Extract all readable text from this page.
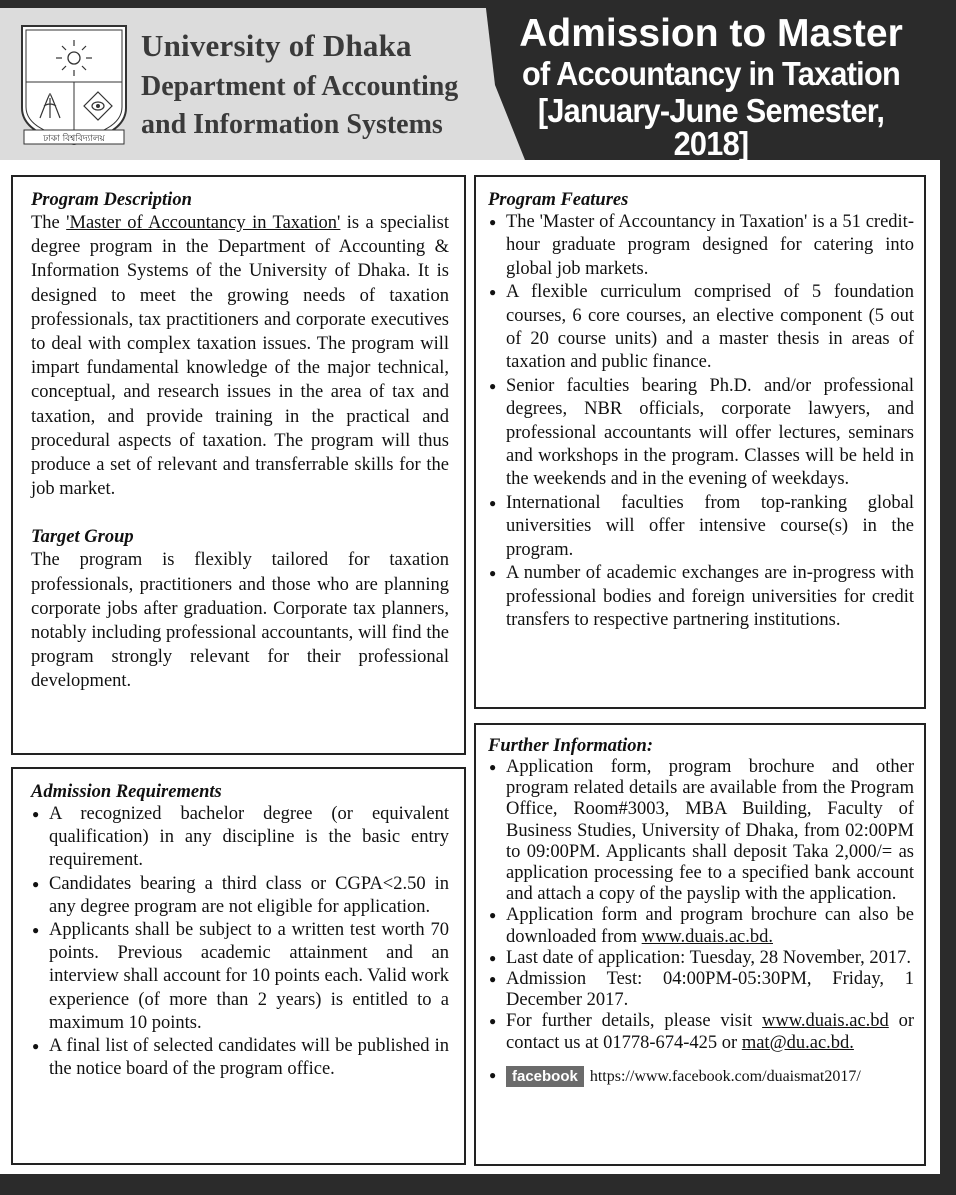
ঢাকা বিশ্ববিদ্যালয়
University of Dhaka
Department of Accounting
and Information Systems
Admission to Master
of Accountancy in Taxation
[January-June Semester, 2018]
Program Description

The 'Master of Accountancy in Taxation' is a specialist degree program in the Department of Accounting & Information Systems of the University of Dhaka. It is designed to meet the growing needs of taxation professionals, tax practitioners and corporate executives to deal with complex taxation issues. The program will impart fundamental knowledge of the major technical, conceptual, and research issues in the area of tax and taxation, and provide training in the practical and procedural aspects of taxation. The program will thus produce a set of relevant and transferrable skills for the job market.

Target Group

The program is flexibly tailored for taxation professionals, practitioners and those who are planning corporate jobs after graduation. Corporate tax planners, notably including professional accountants, will find the program strongly relevant for their professional development.

Admission Requirements
● A recognized bachelor degree (or equivalent qualification) in any discipline is the basic entry requirement.
● Candidates bearing a third class or CGPA<2.50 in any degree program are not eligible for application.
● Applicants shall be subject to a written test worth 70 points. Previous academic attainment and an interview shall account for 10 points each. Valid work experience (of more than 2 years) is entitled to a maximum 10 points.
● A final list of selected candidates will be published in the notice board of the program office.
Program Features
● The 'Master of Accountancy in Taxation' is a 51 credit-hour graduate program designed for catering into global job markets.
● A flexible curriculum comprised of 5 foundation courses, 6 core courses, an elective component (5 out of 20 course units) and a master thesis in areas of taxation and public finance.
● Senior faculties bearing Ph.D. and/or professional degrees, NBR officials, corporate lawyers, and professional accountants will offer lectures, seminars and workshops in the program. Classes will be held in the weekends and in the evening of weekdays.
● International faculties from top-ranking global universities will offer intensive course(s) in the program.
● A number of academic exchanges are in-progress with professional bodies and foreign universities for credit transfers to respective partnering institutions.
Further Information:
● Application form, program brochure and other program related details are available from the Program Office, Room#3003, MBA Building, Faculty of Business Studies, University of Dhaka, from 02:00PM to 09:00PM. Applicants shall deposit Taka 2,000/= as application processing fee to a specified bank account and attach a copy of the payslip with the application.
● Application form and program brochure can also be downloaded from www.duais.ac.bd.
● Last date of application: Tuesday, 28 November, 2017.
● Admission Test: 04:00PM-05:30PM, Friday, 1 December 2017.
● For further details, please visit www.duais.ac.bd or contact us at 01778-674-425 or mat@du.ac.bd.
● facebook https://www.facebook.com/duaismat2017/
